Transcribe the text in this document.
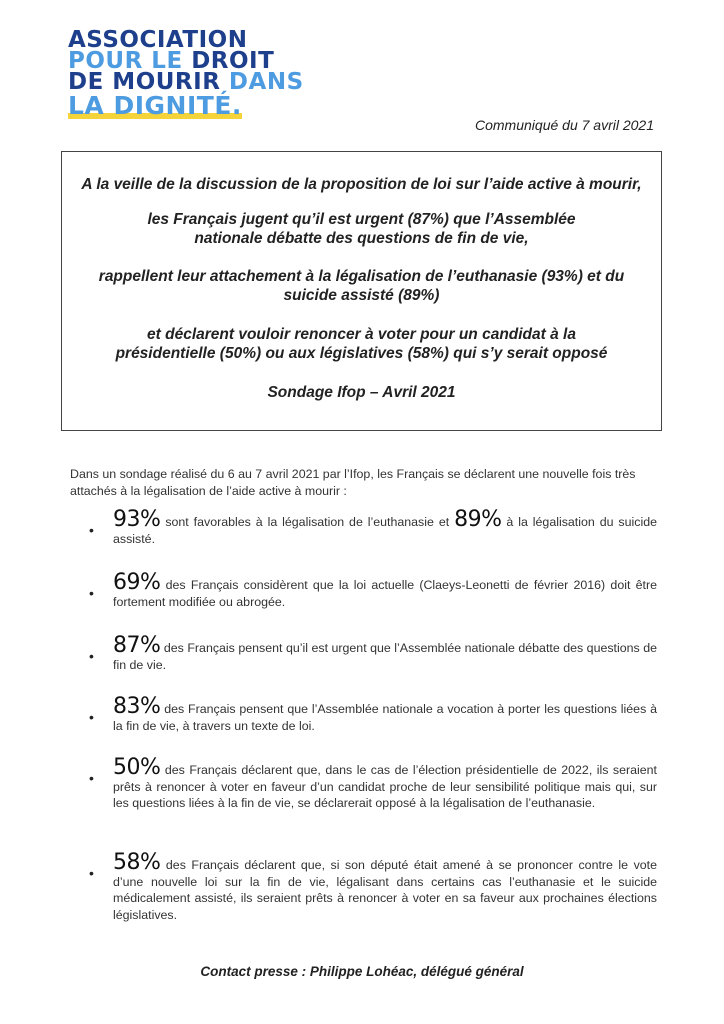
ASSOCIATION
POUR LE DROIT
DE MOURIR DANS
LA DIGNITÉ.
Communiqué du 7 avril 2021

A la veille de la discussion de la proposition de loi sur l’aide active à mourir,

les Français jugent qu’il est urgent (87%) que l’Assemblée nationale débatte des questions de fin de vie,

rappellent leur attachement à la légalisation de l’euthanasie (93%) et du suicide assisté (89%)

et déclarent vouloir renoncer à voter pour un candidat à la présidentielle (50%) ou aux législatives (58%) qui s’y serait opposé

Sondage Ifop – Avril 2021

Dans un sondage réalisé du 6 au 7 avril 2021 par l’Ifop, les Français se déclarent une nouvelle fois très attachés à la légalisation de l’aide active à mourir :
• 93% sont favorables à la légalisation de l’euthanasie et 89% à la légalisation du suicide assisté.
• 69% des Français considèrent que la loi actuelle (Claeys-Leonetti de février 2016) doit être fortement modifiée ou abrogée.
• 87% des Français pensent qu’il est urgent que l’Assemblée nationale débatte des questions de fin de vie.
• 83% des Français pensent que l’Assemblée nationale a vocation à porter les questions liées à la fin de vie, à travers un texte de loi.
• 50% des Français déclarent que, dans le cas de l’élection présidentielle de 2022, ils seraient prêts à renoncer à voter en faveur d’un candidat proche de leur sensibilité politique mais qui, sur les questions liées à la fin de vie, se déclarerait opposé à la légalisation de l’euthanasie.
• 58% des Français déclarent que, si son député était amené à se prononcer contre le vote d’une nouvelle loi sur la fin de vie, légalisant dans certains cas l’euthanasie et le suicide médicalement assisté, ils seraient prêts à renoncer à voter en sa faveur aux prochaines élections législatives.
Contact presse : Philippe Lohéac, délégué général
